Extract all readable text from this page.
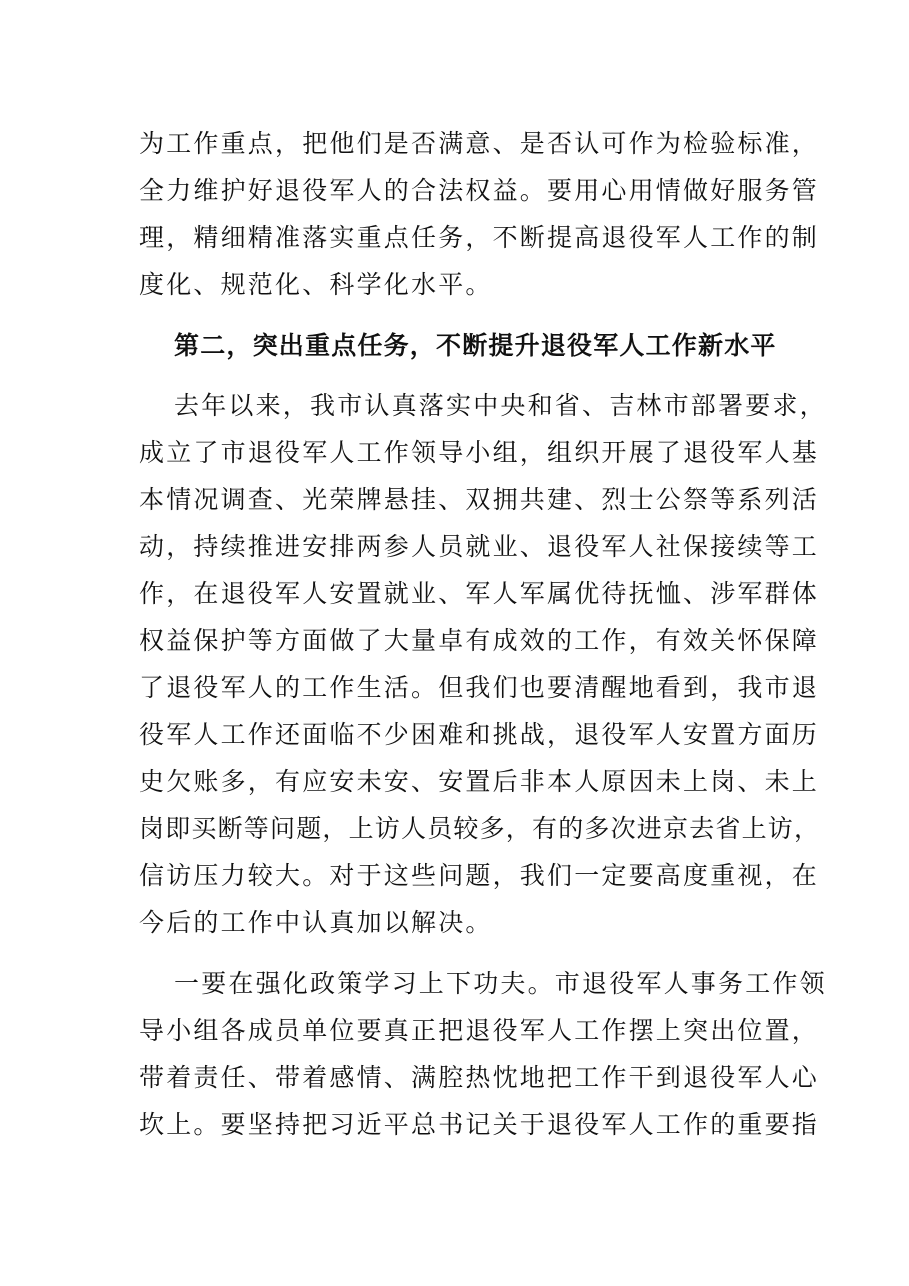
为工作重点，把他们是否满意、是否认可作为检验标准，
全力维护好退役军人的合法权益。要用心用情做好服务管
理，精细精准落实重点任务，不断提高退役军人工作的制
度化、规范化、科学化水平。
第二，突出重点任务，不断提升退役军人工作新水平
去年以来，我市认真落实中央和省、吉林市部署要求，
成立了市退役军人工作领导小组，组织开展了退役军人基
本情况调查、光荣牌悬挂、双拥共建、烈士公祭等系列活
动，持续推进安排两参人员就业、退役军人社保接续等工
作，在退役军人安置就业、军人军属优待抚恤、涉军群体
权益保护等方面做了大量卓有成效的工作，有效关怀保障
了退役军人的工作生活。但我们也要清醒地看到，我市退
役军人工作还面临不少困难和挑战，退役军人安置方面历
史欠账多，有应安未安、安置后非本人原因未上岗、未上
岗即买断等问题，上访人员较多，有的多次进京去省上访，
信访压力较大。对于这些问题，我们一定要高度重视，在
今后的工作中认真加以解决。
一要在强化政策学习上下功夫。市退役军人事务工作领
导小组各成员单位要真正把退役军人工作摆上突出位置，
带着责任、带着感情、满腔热忱地把工作干到退役军人心
坎上。要坚持把习近平总书记关于退役军人工作的重要指
